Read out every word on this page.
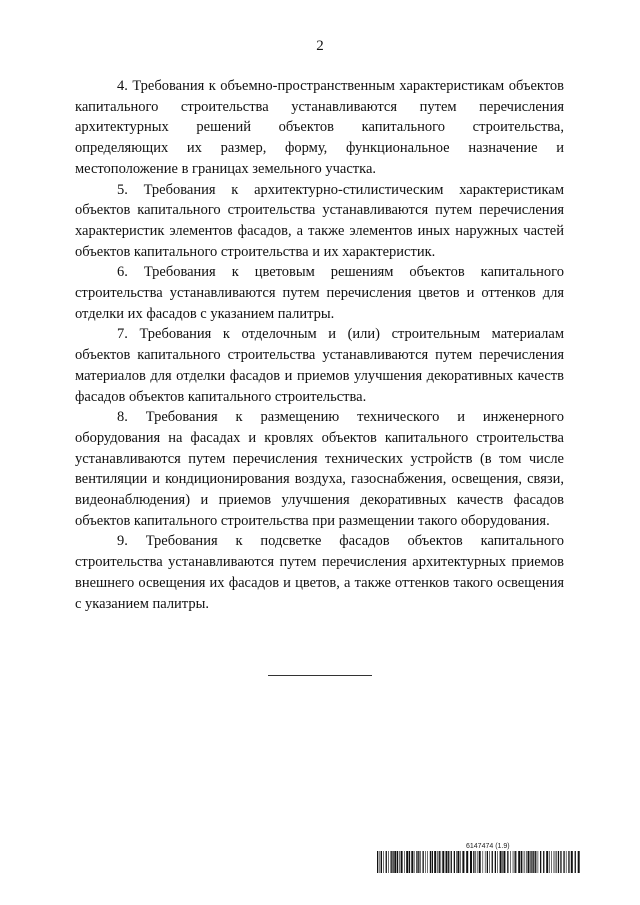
2

4. Требования к объемно-пространственным характеристикам объектов капитального строительства устанавливаются путем перечисления архитектурных решений объектов капитального строительства, определяющих их размер, форму, функциональное назначение и местоположение в границах земельного участка.

5. Требования к архитектурно-стилистическим характеристикам объектов капитального строительства устанавливаются путем перечисления характеристик элементов фасадов, а также элементов иных наружных частей объектов капитального строительства и их характеристик.

6. Требования к цветовым решениям объектов капитального строительства устанавливаются путем перечисления цветов и оттенков для отделки их фасадов с указанием палитры.

7. Требования к отделочным и (или) строительным материалам объектов капитального строительства устанавливаются путем перечисления материалов для отделки фасадов и приемов улучшения декоративных качеств фасадов объектов капитального строительства.

8. Требования к размещению технического и инженерного оборудования на фасадах и кровлях объектов капитального строительства устанавливаются путем перечисления технических устройств (в том числе вентиляции и кондиционирования воздуха, газоснабжения, освещения, связи, видеонаблюдения) и приемов улучшения декоративных качеств фасадов объектов капитального строительства при размещении такого оборудования.

9. Требования к подсветке фасадов объектов капитального строительства устанавливаются путем перечисления архитектурных приемов внешнего освещения их фасадов и цветов, а также оттенков такого освещения с указанием палитры.

6147474 (1.9)
